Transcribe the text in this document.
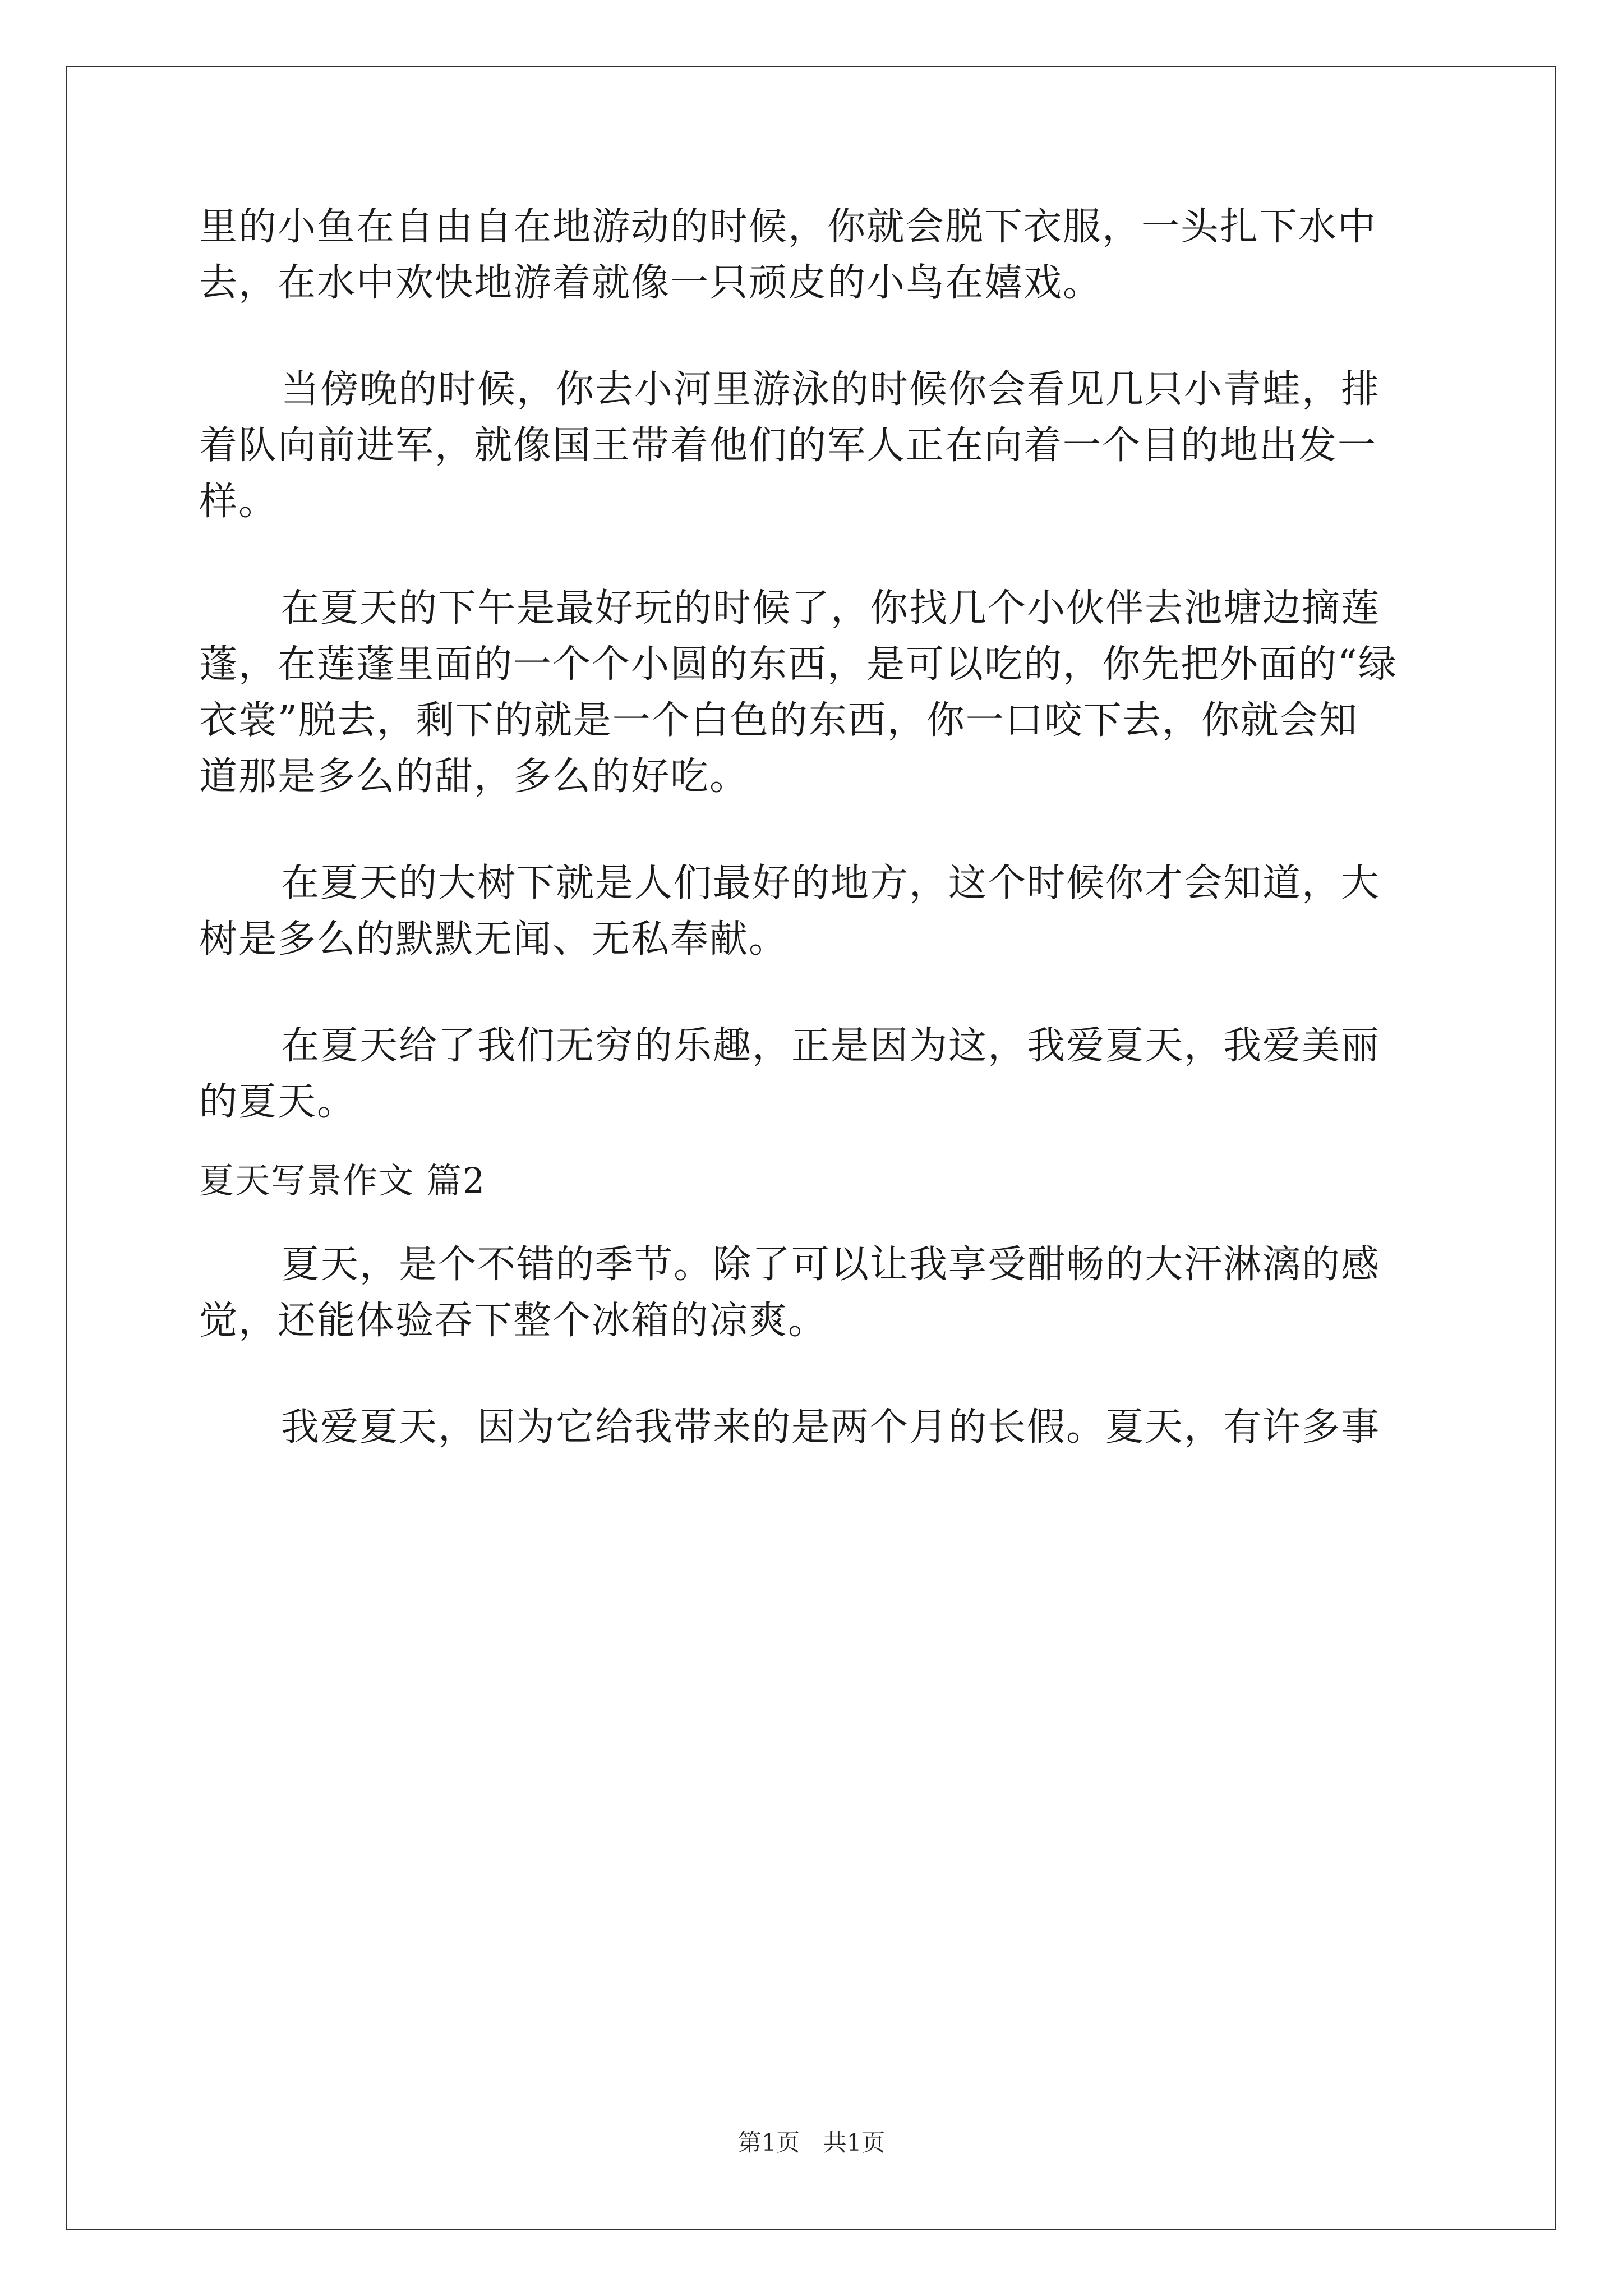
里的小鱼在自由自在地游动的时候，你就会脱下衣服，一头扎下水中
去，在水中欢快地游着就像一只顽皮的小鸟在嬉戏。
当傍晚的时候，你去小河里游泳的时候你会看见几只小青蛙，排
着队向前进军，就像国王带着他们的军人正在向着一个目的地出发一
样。
在夏天的下午是最好玩的时候了，你找几个小伙伴去池塘边摘莲
蓬，在莲蓬里面的一个个小圆的东西，是可以吃的，你先把外面的“绿
衣裳”脱去，剩下的就是一个白色的东西，你一口咬下去，你就会知
道那是多么的甜，多么的好吃。
在夏天的大树下就是人们最好的地方，这个时候你才会知道，大
树是多么的默默无闻、无私奉献。
在夏天给了我们无穷的乐趣，正是因为这，我爱夏天，我爱美丽
的夏天。
夏天写景作文 篇2
夏天，是个不错的季节。除了可以让我享受酣畅的大汗淋漓的感
觉，还能体验吞下整个冰箱的凉爽。
我爱夏天，因为它给我带来的是两个月的长假。夏天，有许多事
第1页 共1页
